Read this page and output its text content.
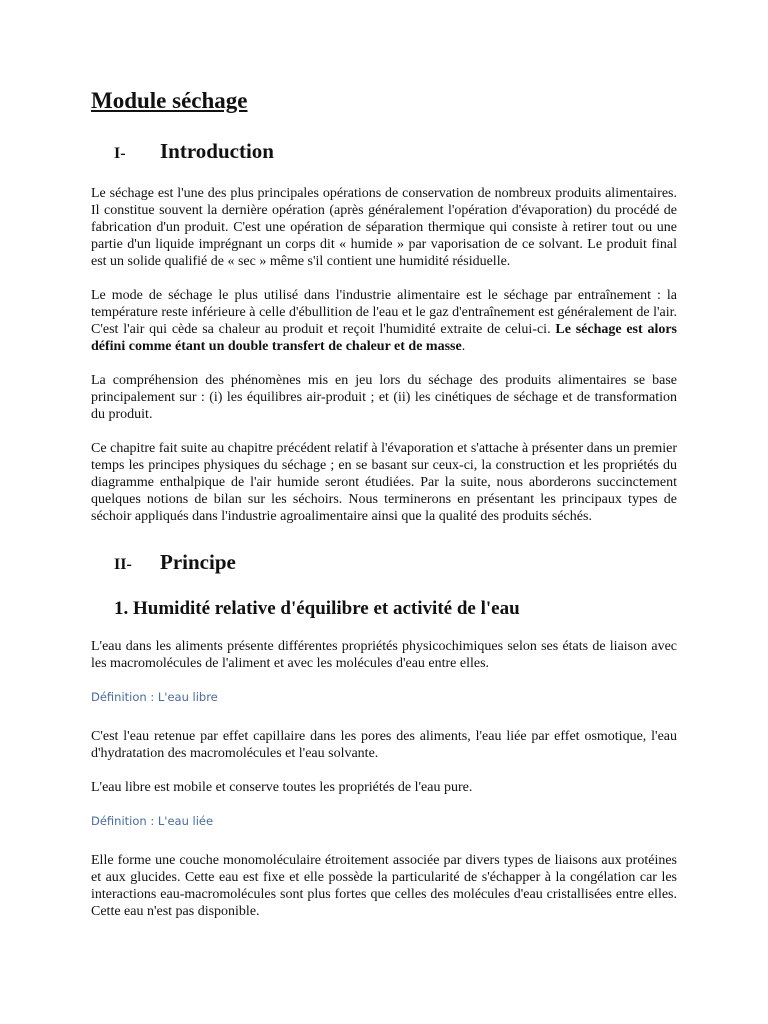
Module séchage
I-	Introduction

Le séchage est l'une des plus principales opérations de conservation de nombreux produits alimentaires. Il constitue souvent la dernière opération (après généralement l'opération d'évaporation) du procédé de fabrication d'un produit. C'est une opération de séparation thermique qui consiste à retirer tout ou une partie d'un liquide imprégnant un corps dit « humide » par vaporisation de ce solvant. Le produit final est un solide qualifié de « sec » même s'il contient une humidité résiduelle.

Le mode de séchage le plus utilisé dans l'industrie alimentaire est le séchage par entraînement : la température reste inférieure à celle d'ébullition de l'eau et le gaz d'entraînement est généralement de l'air. C'est l'air qui cède sa chaleur au produit et reçoit l'humidité extraite de celui-ci. Le séchage est alors défini comme étant un double transfert de chaleur et de masse.

La compréhension des phénomènes mis en jeu lors du séchage des produits alimentaires se base principalement sur : (i) les équilibres air-produit ; et (ii) les cinétiques de séchage et de transformation du produit.

Ce chapitre fait suite au chapitre précédent relatif à l'évaporation et s'attache à présenter dans un premier temps les principes physiques du séchage ; en se basant sur ceux-ci, la construction et les propriétés du diagramme enthalpique de l'air humide seront étudiées. Par la suite, nous aborderons succinctement quelques notions de bilan sur les séchoirs. Nous terminerons en présentant les principaux types de séchoir appliqués dans l'industrie agroalimentaire ainsi que la qualité des produits séchés.

II-	Principe
1. Humidité relative d'équilibre et activité de l'eau

L'eau dans les aliments présente différentes propriétés physicochimiques selon ses états de liaison avec les macromolécules de l'aliment et avec les molécules d'eau entre elles.

Définition : L'eau libre

C'est l'eau retenue par effet capillaire dans les pores des aliments, l'eau liée par effet osmotique, l'eau d'hydratation des macromolécules et l'eau solvante.

L'eau libre est mobile et conserve toutes les propriétés de l'eau pure.

Définition : L'eau liée

Elle forme une couche monomoléculaire étroitement associée par divers types de liaisons aux protéines et aux glucides. Cette eau est fixe et elle possède la particularité de s'échapper à la congélation car les interactions eau-macromolécules sont plus fortes que celles des molécules d'eau cristallisées entre elles. Cette eau n'est pas disponible.
